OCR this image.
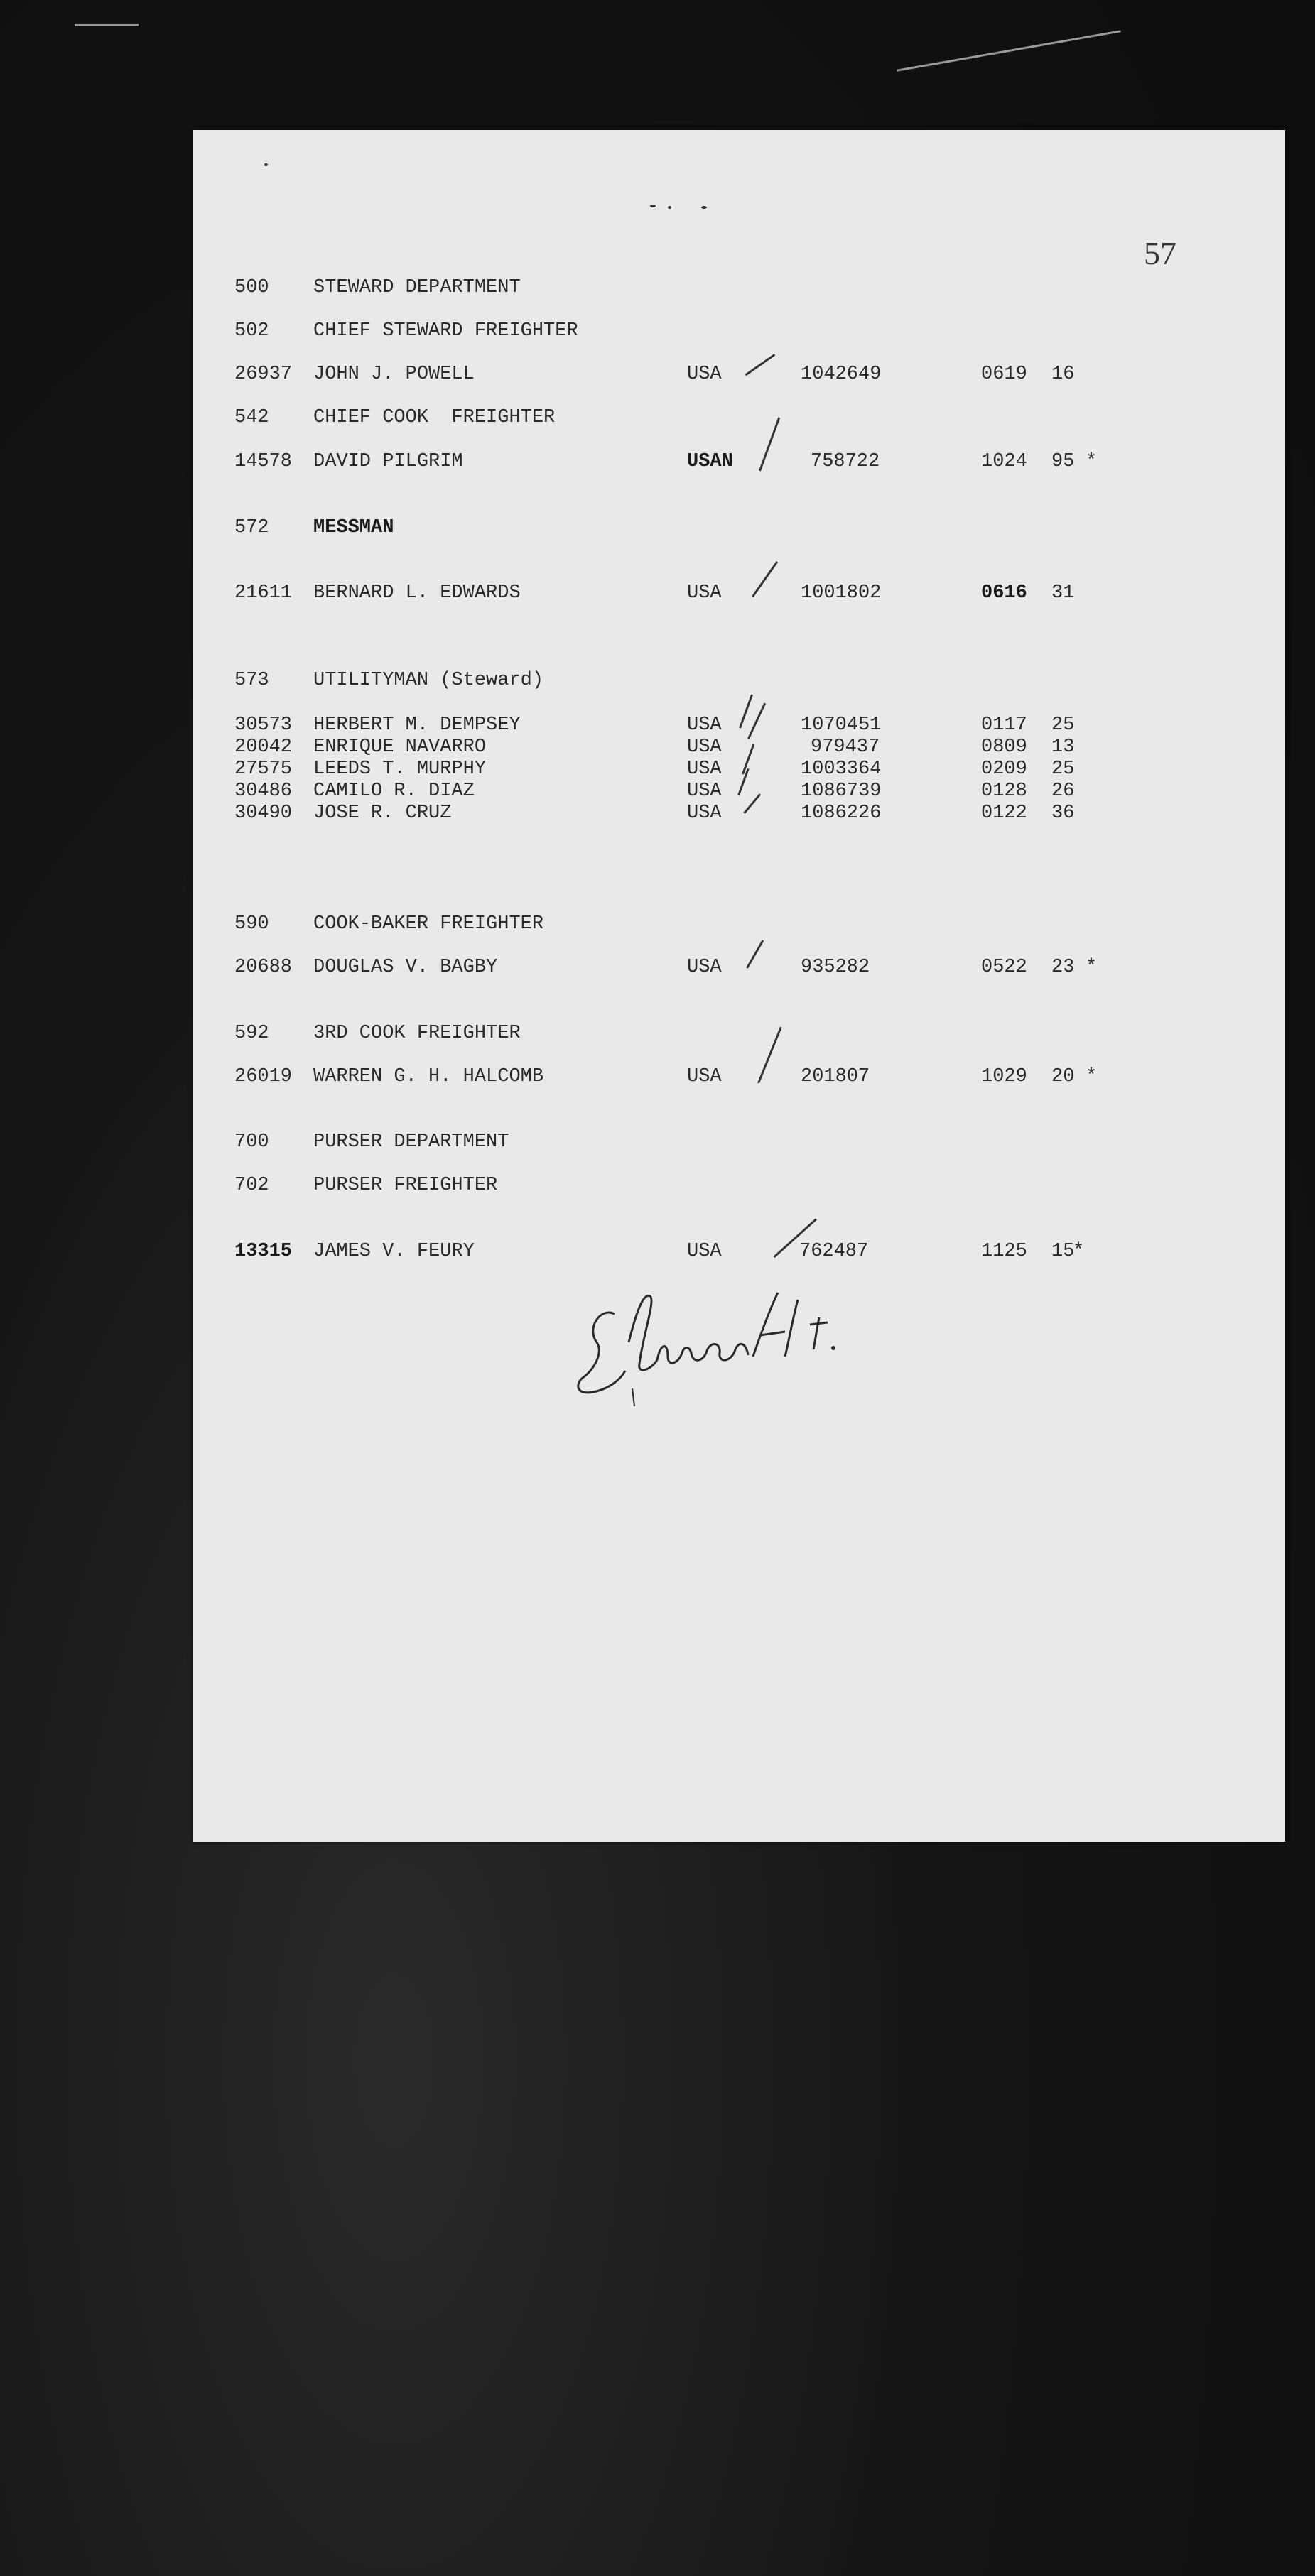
57
500 STEWARD DEPARTMENT
502 CHIEF STEWARD FREIGHTER
26937 JOHN J. POWELL	USA	1042649	0619 16
542 CHIEF COOK  FREIGHTER
14578 DAVID PILGRIM	USAN	758722	1024 95 *
572 MESSMAN
21611 BERNARD L. EDWARDS	USA	1001802	0616 31
573 UTILITYMAN (Steward)
30573 HERBERT M. DEMPSEY	USA	1070451	0117 25
20042 ENRIQUE NAVARRO	USA	979437	0809 13
27575 LEEDS T. MURPHY	USA	1003364	0209 25
30486 CAMILO R. DIAZ	USA	1086739	0128 26
30490 JOSE R. CRUZ	USA	1086226	0122 36
590 COOK-BAKER FREIGHTER
20688 DOUGLAS V. BAGBY	USA	935282	0522 23 *
592 3RD COOK FREIGHTER
26019 WARREN G. H. HALCOMB	USA	201807	1029 20 *
700 PURSER DEPARTMENT
702 PURSER FREIGHTER
13315 JAMES V. FEURY	USA	762487	1125 15
*
